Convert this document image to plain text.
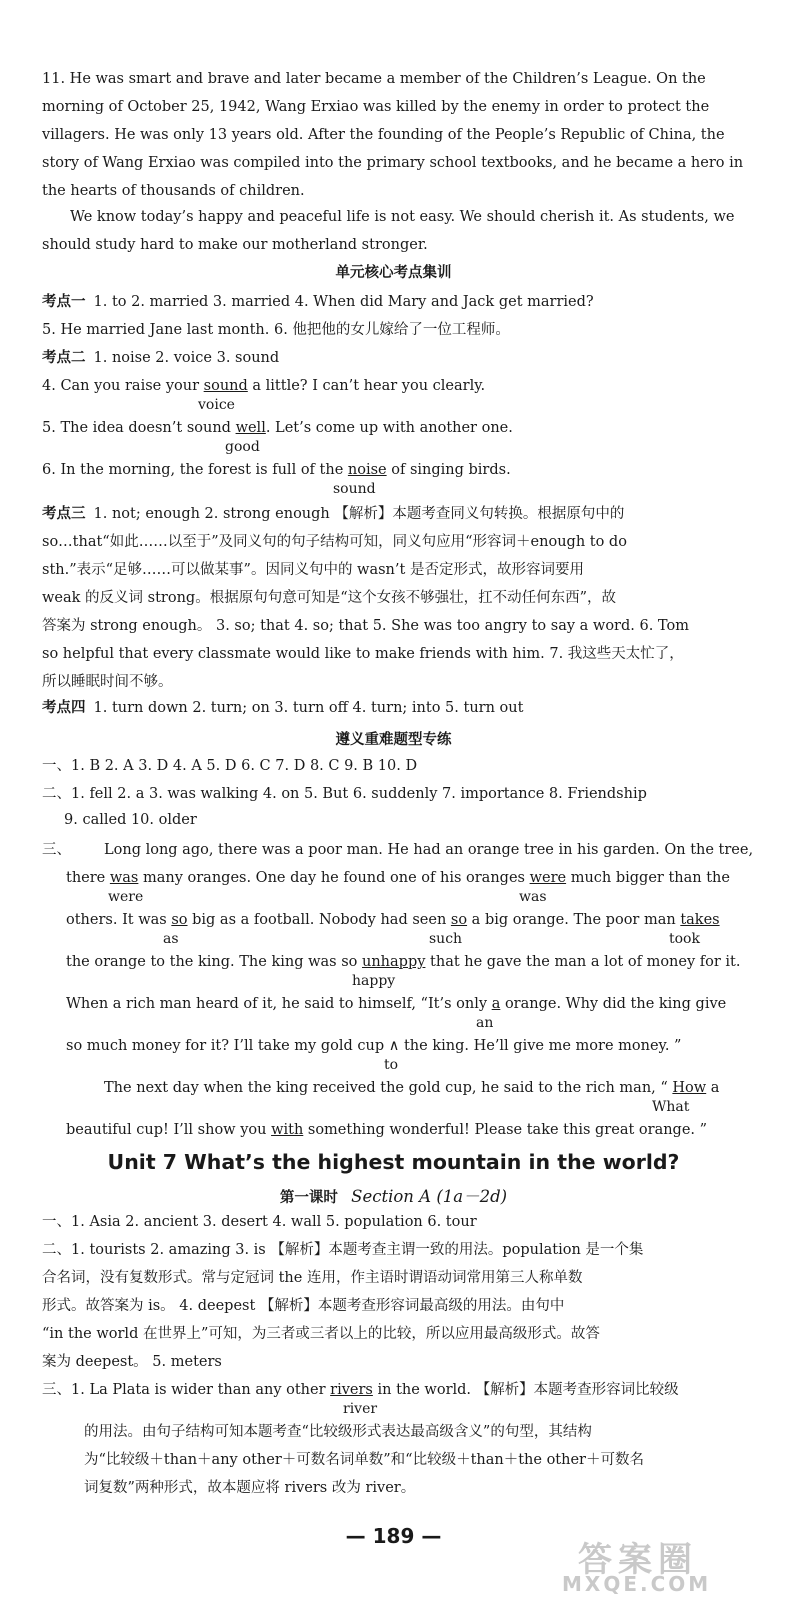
11. He was smart and brave and later became a member of the Children’s League. On the
morning of October 25, 1942, Wang Erxiao was killed by the enemy in order to protect the
villagers. He was only 13 years old. After the founding of the People’s Republic of China, the
story of Wang Erxiao was compiled into the primary school textbooks, and he became a hero in
the hearts of thousands of children.
We know today’s happy and peaceful life is not easy. We should cherish it. As students, we
should study hard to make our motherland stronger.
单元核心考点集训
考点一 1. to 2. married 3. married 4. When did Mary and Jack get married?
5. He married Jane last month. 6. 他把他的女儿嫁给了一位工程师。
考点二 1. noise 2. voice 3. sound
4. Can you raise your sound a little? I can’t hear you clearly.
voice
5. The idea doesn’t sound well. Let’s come up with another one.
good
6. In the morning, the forest is full of the noise of singing birds.
sound
考点三 1. not; enough 2. strong enough 【解析】本题考查同义句转换。根据原句中的
so…that“如此……以至于”及同义句的句子结构可知，同义句应用“形容词＋enough to do
sth.”表示“足够……可以做某事”。因同义句中的 wasn’t 是否定形式，故形容词要用
weak 的反义词 strong。根据原句句意可知是“这个女孩不够强壮，扛不动任何东西”，故
答案为 strong enough。 3. so; that 4. so; that 5. She was too angry to say a word. 6. Tom
so helpful that every classmate would like to make friends with him. 7. 我这些天太忙了，
所以睡眠时间不够。
考点四 1. turn down 2. turn; on 3. turn off 4. turn; into 5. turn out
遵义重难题型专练
一、1. B 2. A 3. D 4. A 5. D 6. C 7. D 8. C 9. B 10. D
二、1. fell 2. a 3. was walking 4. on 5. But 6. suddenly 7. importance 8. Friendship
9. called 10. older
三、 Long long ago, there was a poor man. He had an orange tree in his garden. On the tree,
there was many oranges. One day he found one of his oranges were much bigger than the
were	was
others. It was so big as a football. Nobody had seen so a big orange. The poor man takes
as	such	took
the orange to the king. The king was so unhappy that he gave the man a lot of money for it.
happy
When a rich man heard of it, he said to himself, “It’s only a orange. Why did the king give
an
so much money for it? I’ll take my gold cup ∧ the king. He’ll give me more money. ”
to
The next day when the king received the gold cup, he said to the rich man, “ How a
What
beautiful cup! I’ll show you with something wonderful! Please take this great orange. ”
Unit 7 What’s the highest mountain in the world?
第一课时 Section A (1a－2d)
一、1. Asia 2. ancient 3. desert 4. wall 5. population 6. tour
二、1. tourists 2. amazing 3. is 【解析】本题考查主谓一致的用法。population 是一个集
合名词，没有复数形式。常与定冠词 the 连用，作主语时谓语动词常用第三人称单数
形式。故答案为 is。 4. deepest 【解析】本题考查形容词最高级的用法。由句中
“in the world 在世界上”可知，为三者或三者以上的比较，所以应用最高级形式。故答
案为 deepest。 5. meters
三、1. La Plata is wider than any other rivers in the world. 【解析】本题考查形容词比较级
river
的用法。由句子结构可知本题考查“比较级形式表达最高级含义”的句型，其结构
为“比较级＋than＋any other＋可数名词单数”和“比较级＋than＋the other＋可数名
词复数”两种形式，故本题应将 rivers 改为 river。
— 189 —
答案圈
MXQE.COM
